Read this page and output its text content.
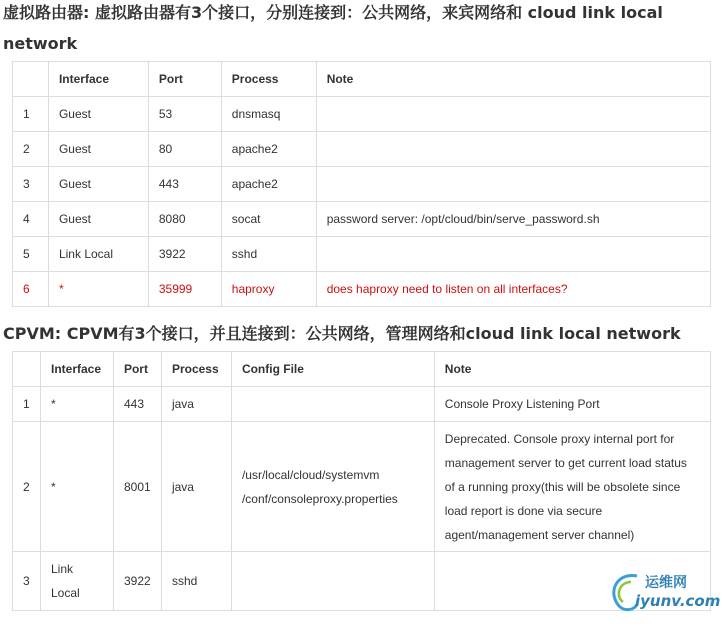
虚拟路由器: 虚拟路由器有3个接口，分别连接到：公共网络，来宾网络和 cloud link local network
	Interface	Port	Process	Note
1	Guest	53	dnsmasq	
2	Guest	80	apache2	
3	Guest	443	apache2	
4	Guest	8080	socat	password server: /opt/cloud/bin/serve_password.sh
5	Link Local	3922	sshd	
6	*	35999	haproxy	does haproxy need to listen on all interfaces?
CPVM: CPVM有3个接口，并且连接到：公共网络，管理网络和cloud link local network
	Interface	Port	Process	Config File	Note
1	*	443	java		Console Proxy Listening Port
2	*	8001	java	/usr/local/cloud/systemvm /conf/consoleproxy.properties	Deprecated. Console proxy internal port for management server to get current load status of a running proxy(this will be obsolete since load report is done via secure agent/management server channel)
3	Link Local	3922	sshd			运维网
iyunv.com
